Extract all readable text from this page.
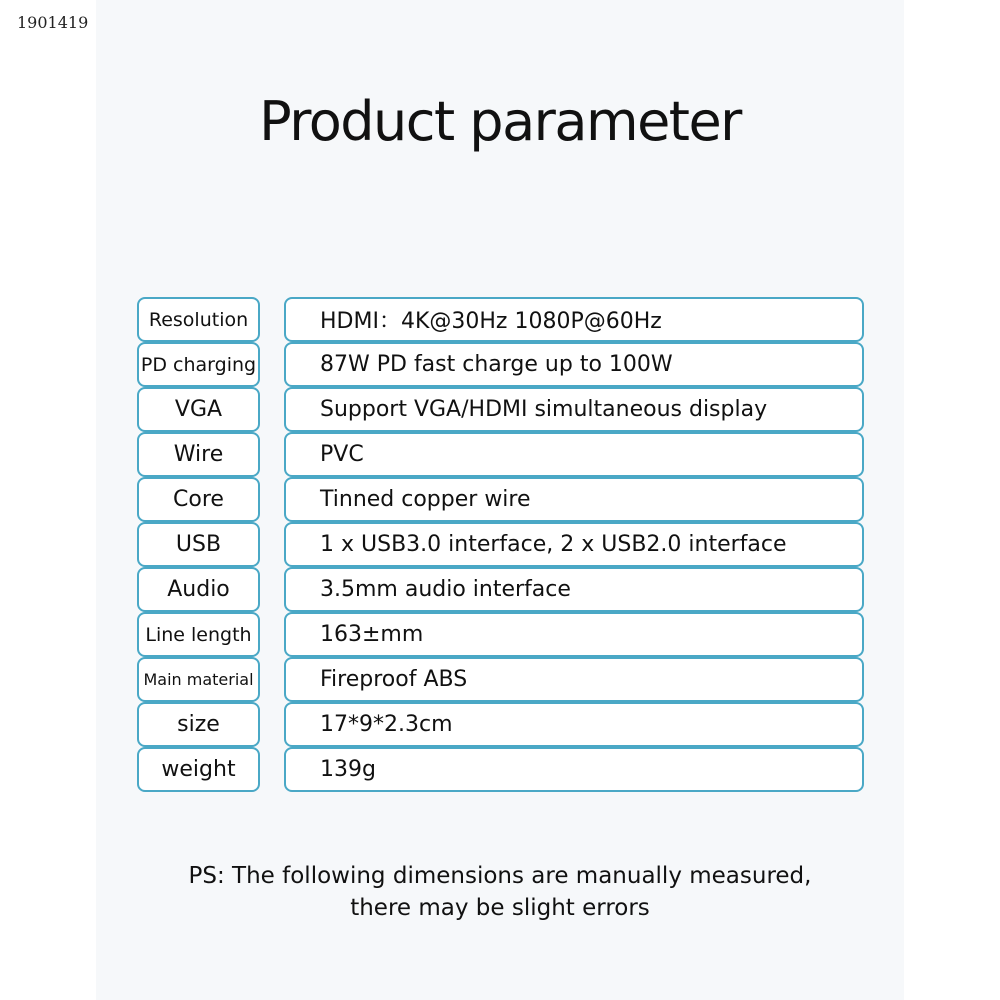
1901419
Product parameter
Resolution	HDMI：4K@30Hz 1080P@60Hz
PD charging	87W PD fast charge up to 100W
VGA	Support VGA/HDMI simultaneous display
Wire	PVC
Core	Tinned copper wire
USB	1 x USB3.0 interface, 2 x USB2.0 interface
Audio	3.5mm audio interface
Line length	163±mm
Main material	Fireproof ABS
size	17*9*2.3cm
weight	139g
PS: The following dimensions are manually measured,
there may be slight errors
